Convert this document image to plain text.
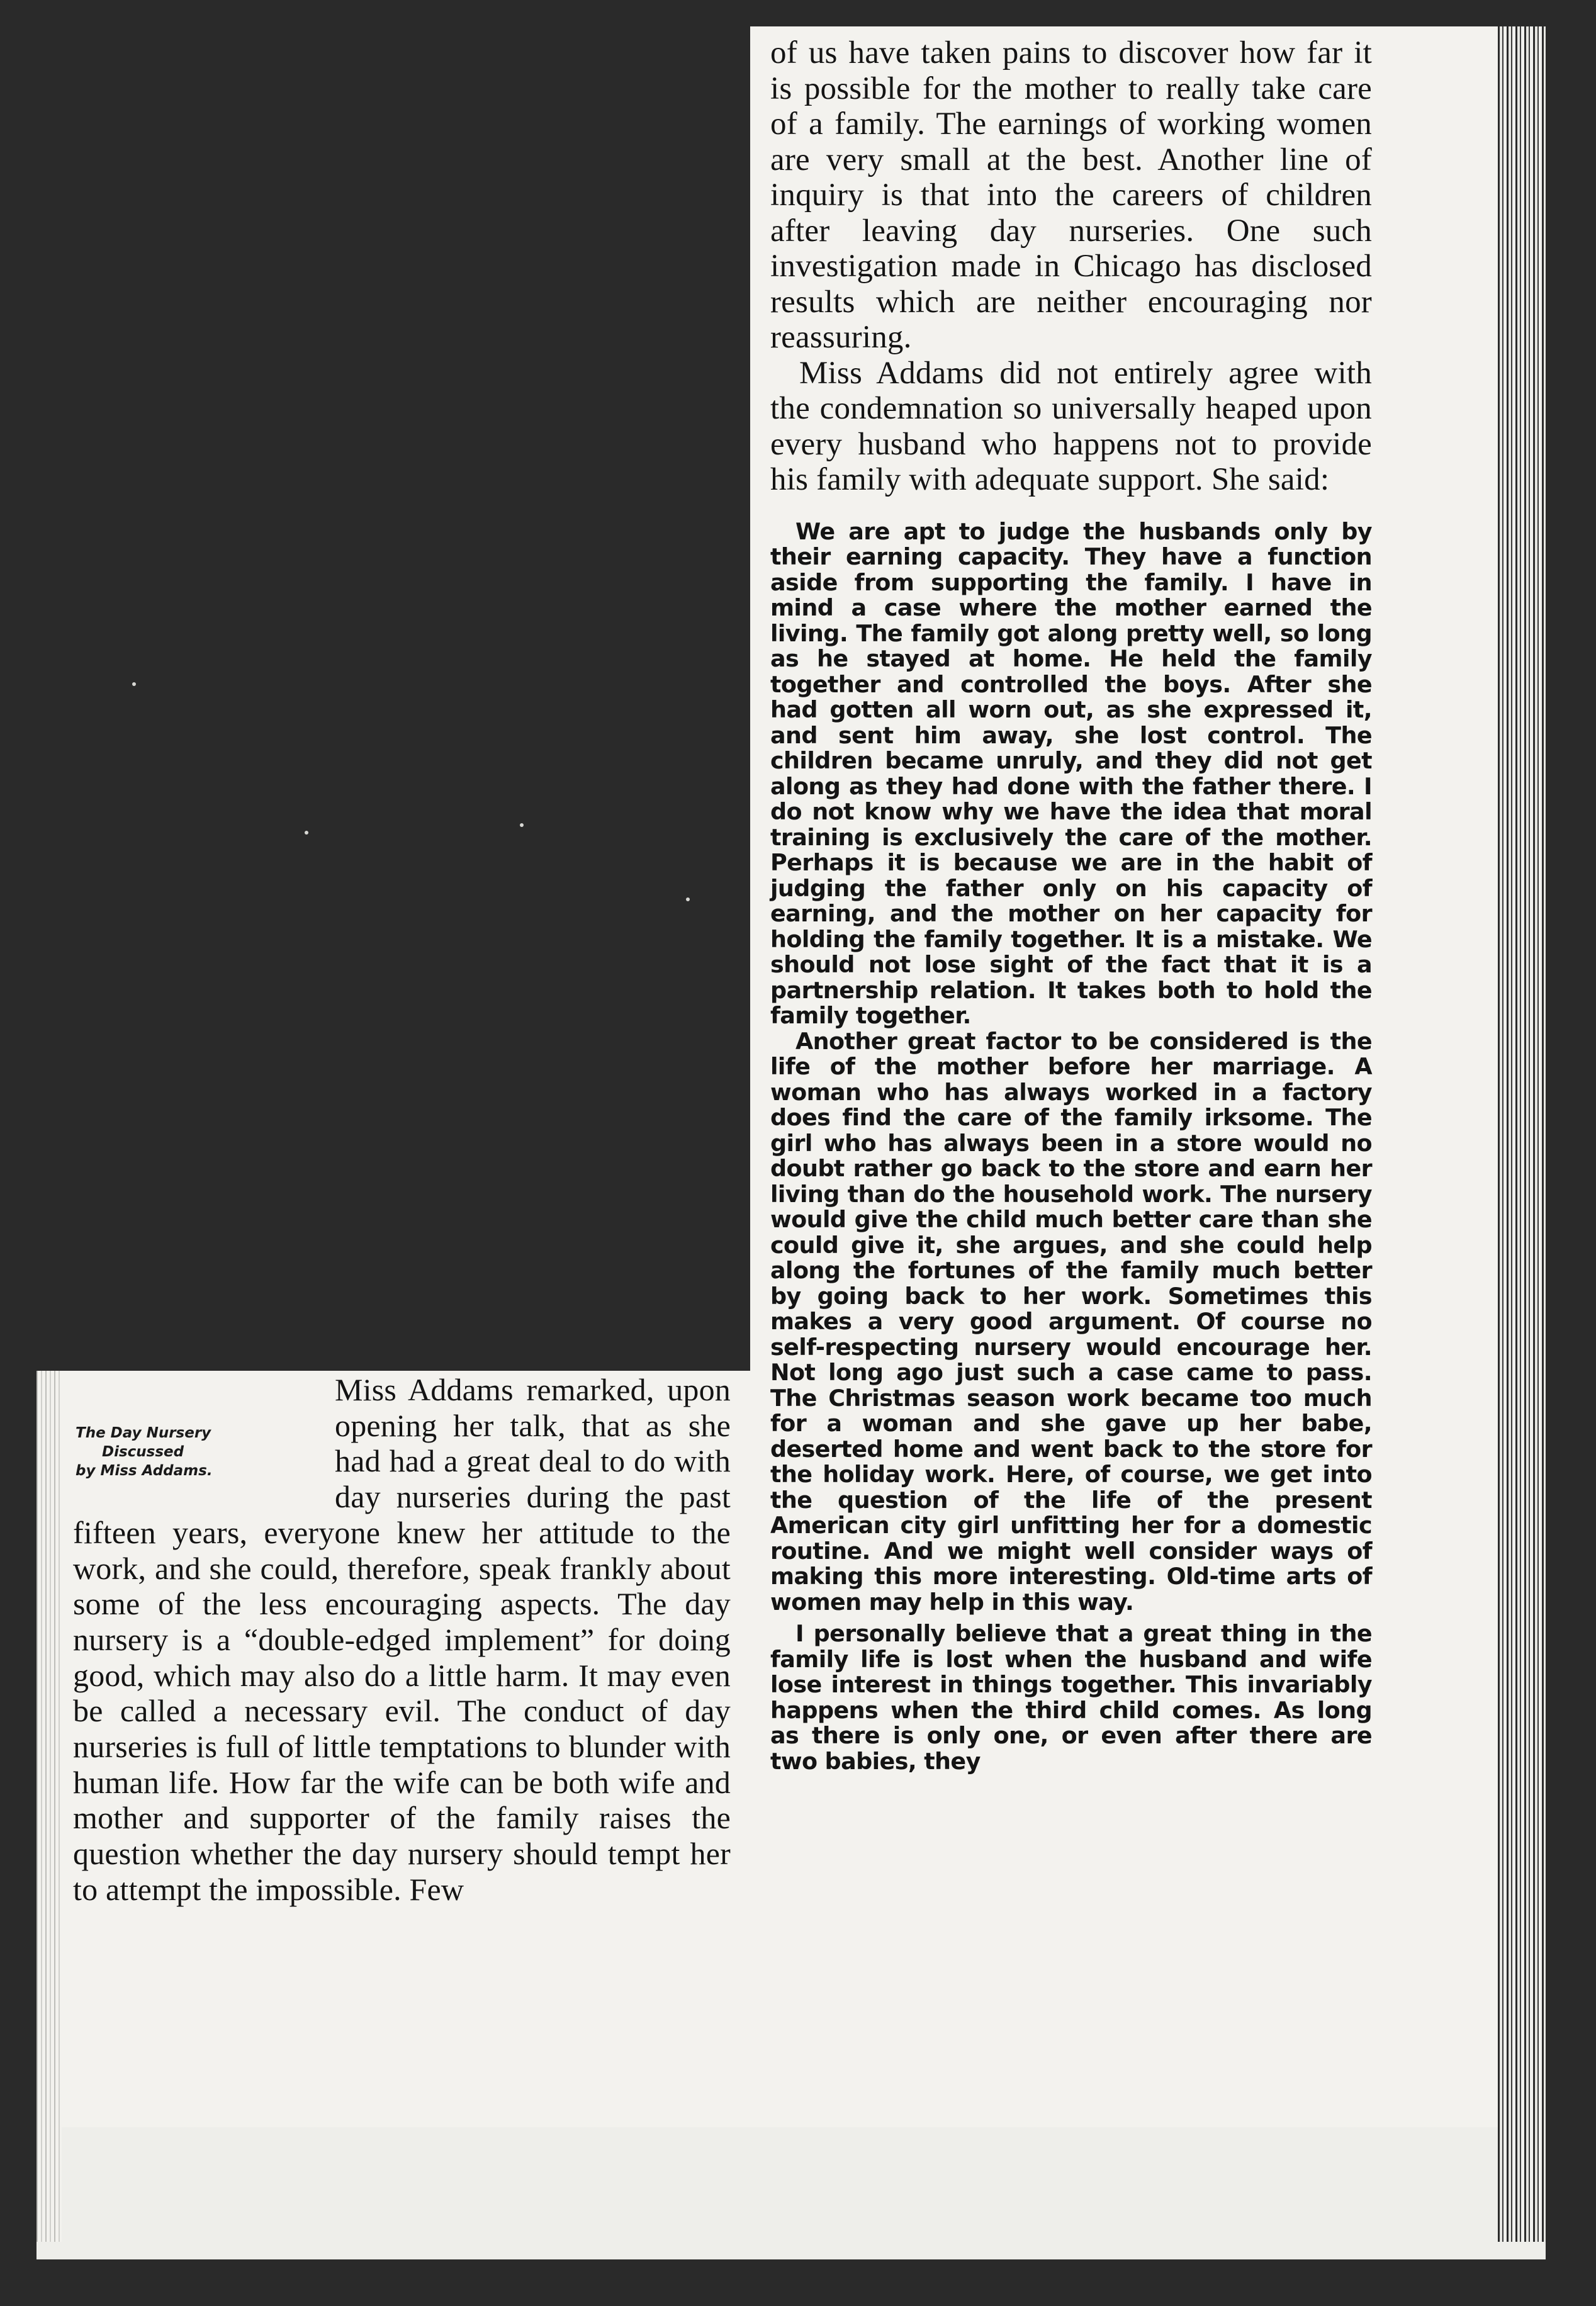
of us have taken pains to discover how far it is possible for the mother to really take care of a family. The earnings of working women are very small at the best. Another line of inquiry is that into the careers of children after leaving day nurseries. One such investigation made in Chicago has disclosed results which are neither encouraging nor reassuring.

Miss Addams did not entirely agree with the condemnation so universally heaped upon every husband who happens not to provide his family with adequate support. She said:

We are apt to judge the husbands only by their earning capacity. They have a function aside from supporting the family. I have in mind a case where the mother earned the living. The family got along pretty well, so long as he stayed at home. He held the family together and controlled the boys. After she had gotten all worn out, as she expressed it, and sent him away, she lost control. The children became unruly, and they did not get along as they had done with the father there. I do not know why we have the idea that moral training is exclusively the care of the mother. Perhaps it is because we are in the habit of judging the father only on his capacity of earning, and the mother on her capacity for holding the family together. It is a mistake. We should not lose sight of the fact that it is a partnership relation. It takes both to hold the family together.

Another great factor to be considered is the life of the mother before her marriage. A woman who has always worked in a factory does find the care of the family irksome. The girl who has always been in a store would no doubt rather go back to the store and earn her living than do the household work. The nursery would give the child much better care than she could give it, she argues, and she could help along the fortunes of the family much better by going back to her work. Sometimes this makes a very good argument. Of course no self-respecting nursery would encourage her. Not long ago just such a case came to pass. The Christmas season work became too much for a woman and she gave up her babe, deserted home and went back to the store for the holiday work. Here, of course, we get into the question of the life of the present American city girl unfitting her for a domestic routine. And we might well consider ways of making this more interesting. Old-time arts of women may help in this way.

I personally believe that a great thing in the family life is lost when the husband and wife lose interest in things together. This invariably happens when the third child comes. As long as there is only one, or even after there are two babies, they

The Day Nursery
Discussed
by Miss Addams.

Miss Addams remarked, upon opening her talk, that as she had had a great deal to do with day nurseries during the past fifteen years, everyone knew her attitude to the work, and she could, therefore, speak frankly about some of the less encouraging aspects. The day nursery is a “double-edged implement” for doing good, which may also do a little harm. It may even be called a necessary evil. The conduct of day nurseries is full of little temptations to blunder with human life. How far the wife can be both wife and mother and supporter of the family raises the question whether the day nursery should tempt her to attempt the impossible. Few
